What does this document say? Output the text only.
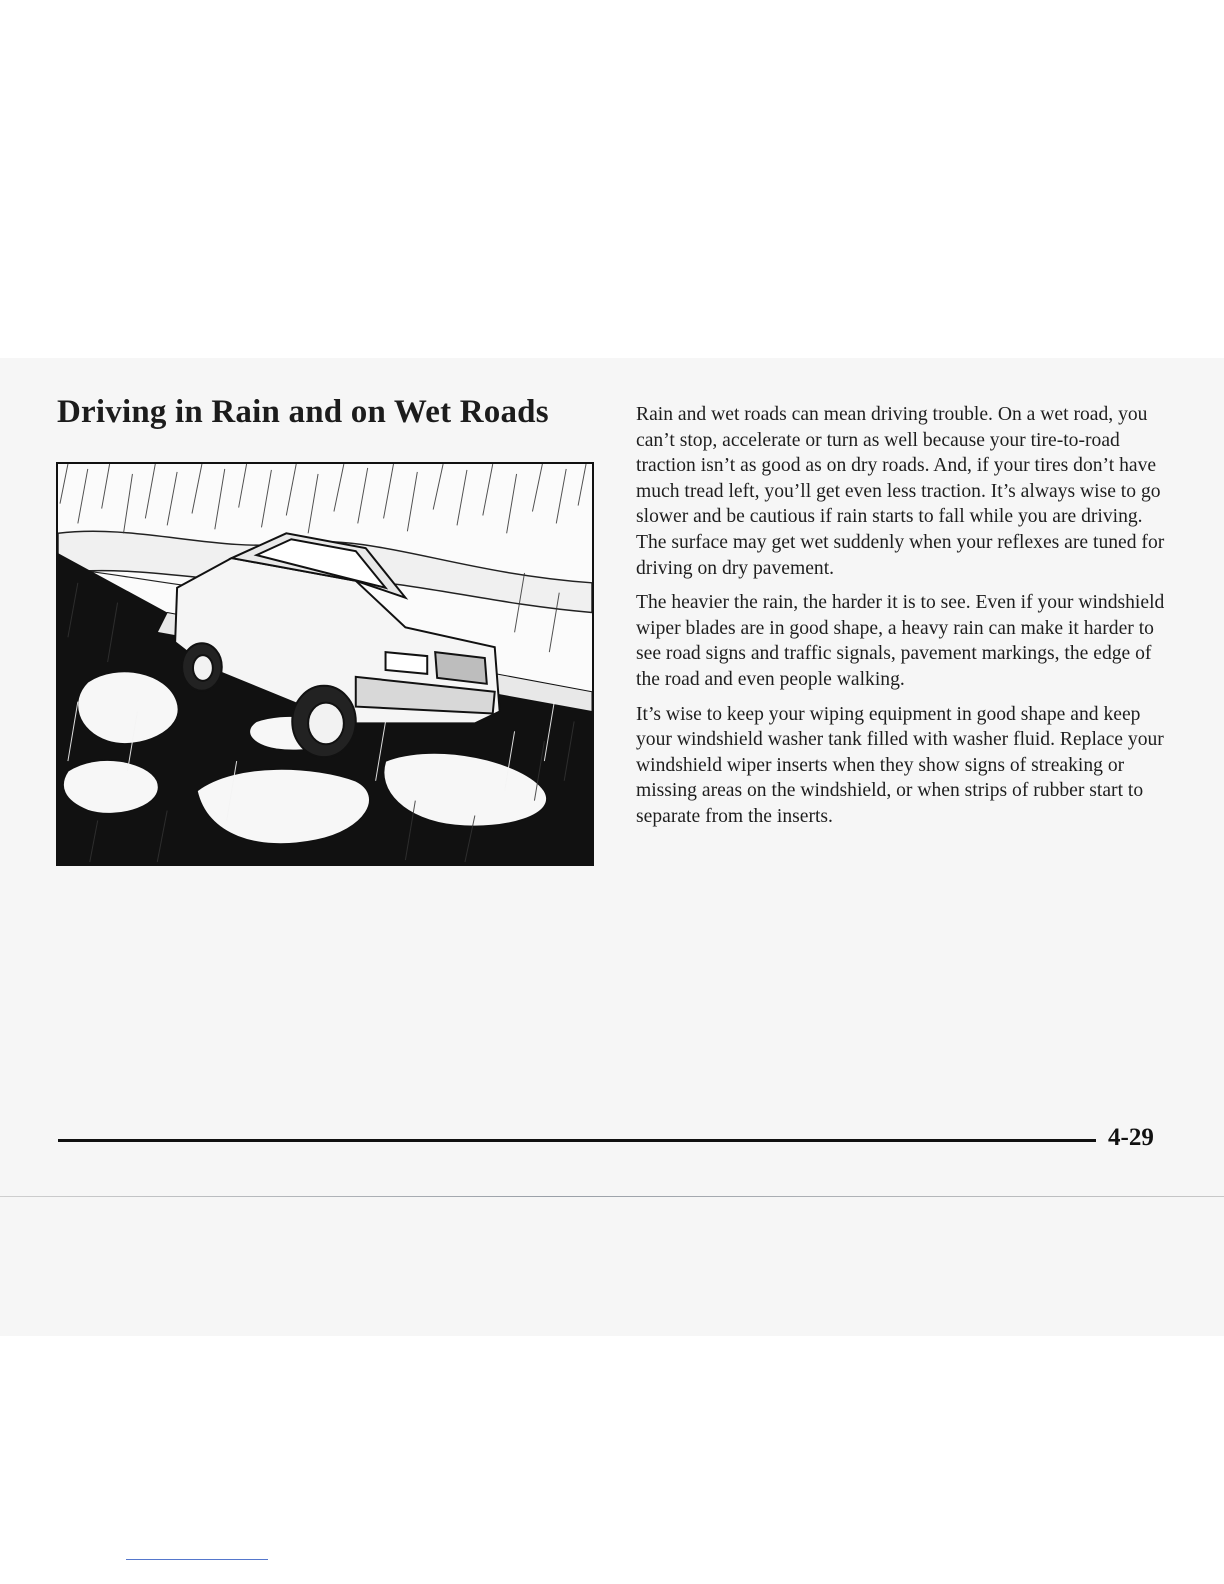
Driving in Rain and on Wet Roads	Rain and wet roads can mean driving trouble. On a wet road, you can’t stop, accelerate or turn as well because your tire-to-road traction isn’t as good as on dry roads. And, if your tires don’t have much tread left, you’ll get even less traction. It’s always wise to go slower and be cautious if rain starts to fall while you are driving. The surface may get wet suddenly when your reflexes are tuned for driving on dry pavement.

The heavier the rain, the harder it is to see. Even if your windshield wiper blades are in good shape, a heavy rain can make it harder to see road signs and traffic signals, pavement markings, the edge of the road and even people walking.

It’s wise to keep your wiping equipment in good shape and keep your windshield washer tank filled with washer fluid. Replace your windshield wiper inserts when they show signs of streaking or missing areas on the windshield, or when strips of rubber start to separate from the inserts.

4-29
